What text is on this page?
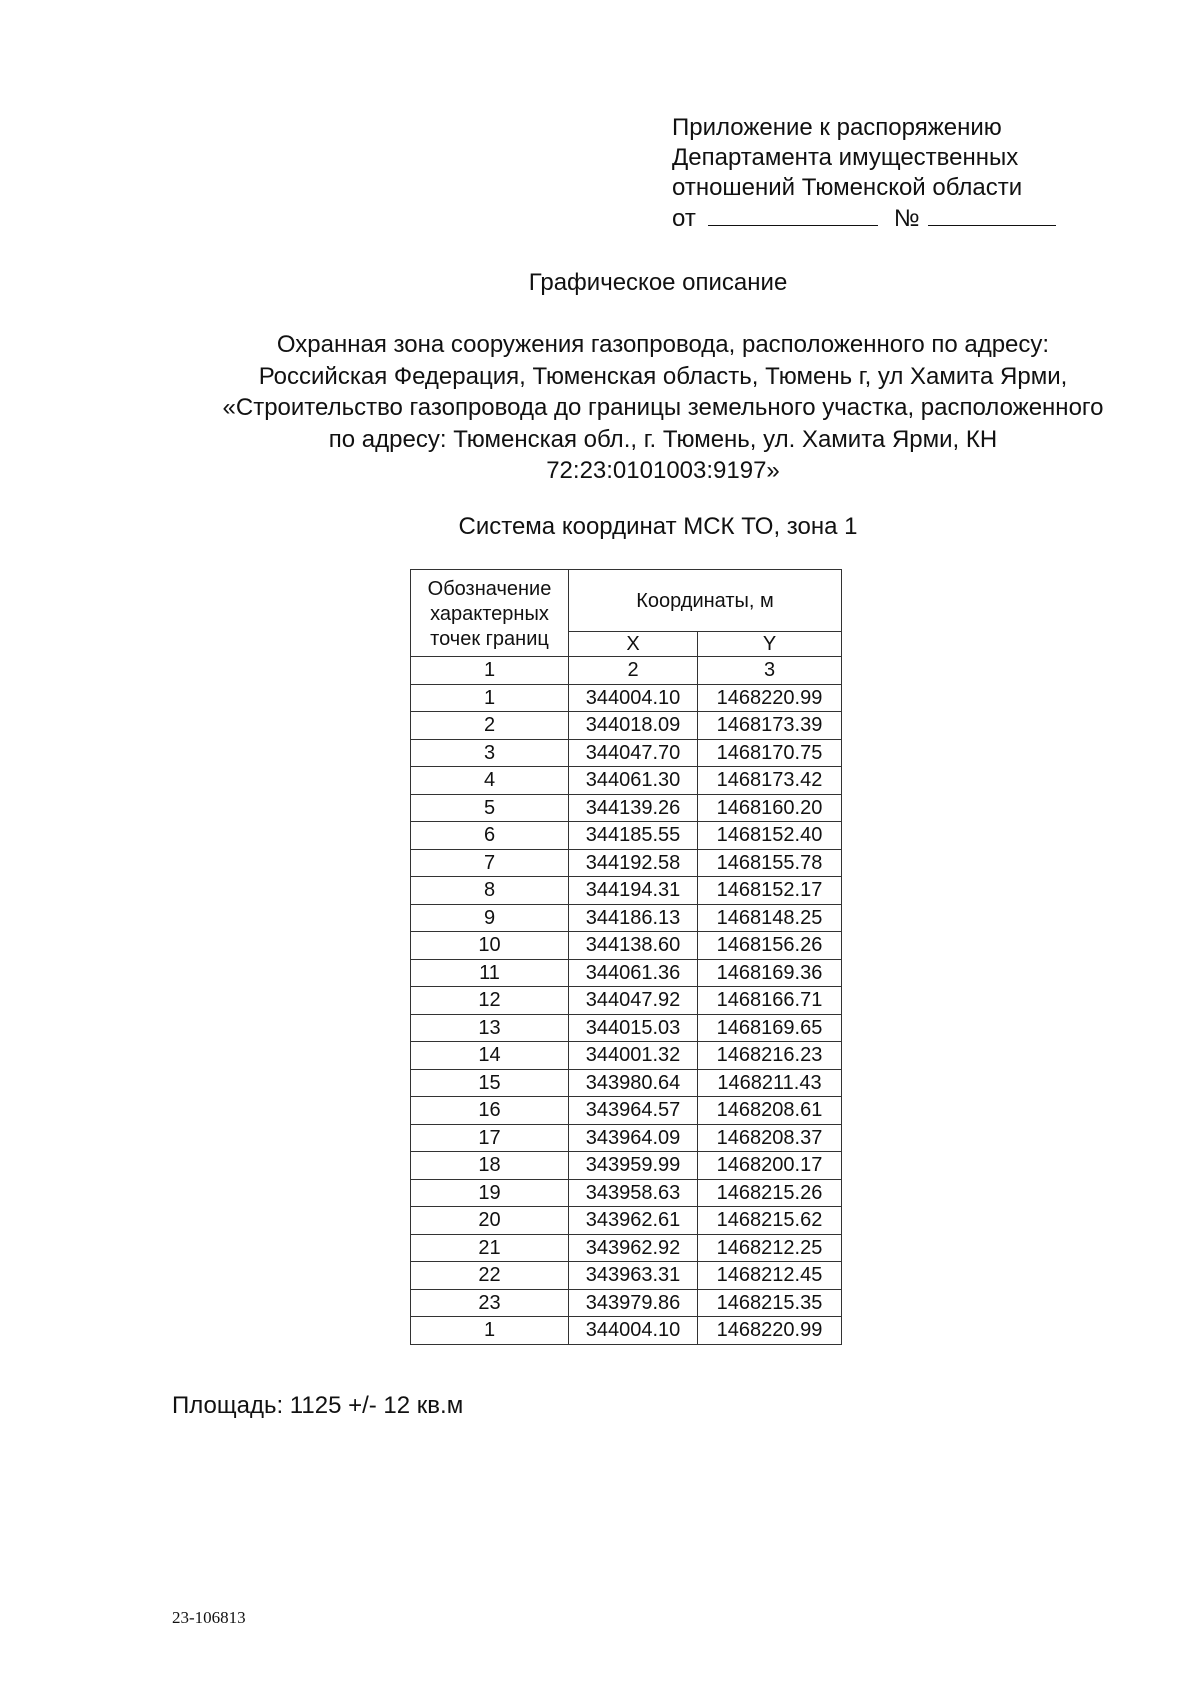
Приложение к распоряжению
Департамента имущественных
отношений Тюменской области
от	№
Графическое описание
Охранная зона сооружения газопровода, расположенного по адресу:
Российская Федерация, Тюменская область, Тюмень г, ул Хамита Ярми,
«Строительство газопровода до границы земельного участка, расположенного
по адресу: Тюменская обл., г. Тюмень, ул. Хамита Ярми, КН
72:23:0101003:9197»
Система координат МСК ТО, зона 1
Обозначение
характерных
точек границ	Координаты, м	
	X	Y
1	2	3
1	344004.10	1468220.99
2	344018.09	1468173.39
3	344047.70	1468170.75
4	344061.30	1468173.42
5	344139.26	1468160.20
6	344185.55	1468152.40
7	344192.58	1468155.78
8	344194.31	1468152.17
9	344186.13	1468148.25
10	344138.60	1468156.26
11	344061.36	1468169.36
12	344047.92	1468166.71
13	344015.03	1468169.65
14	344001.32	1468216.23
15	343980.64	1468211.43
16	343964.57	1468208.61
17	343964.09	1468208.37
18	343959.99	1468200.17
19	343958.63	1468215.26
20	343962.61	1468215.62
21	343962.92	1468212.25
22	343963.31	1468212.45
23	343979.86	1468215.35
1	344004.10	1468220.99
Площадь: 1125 +/- 12 кв.м
23-106813
